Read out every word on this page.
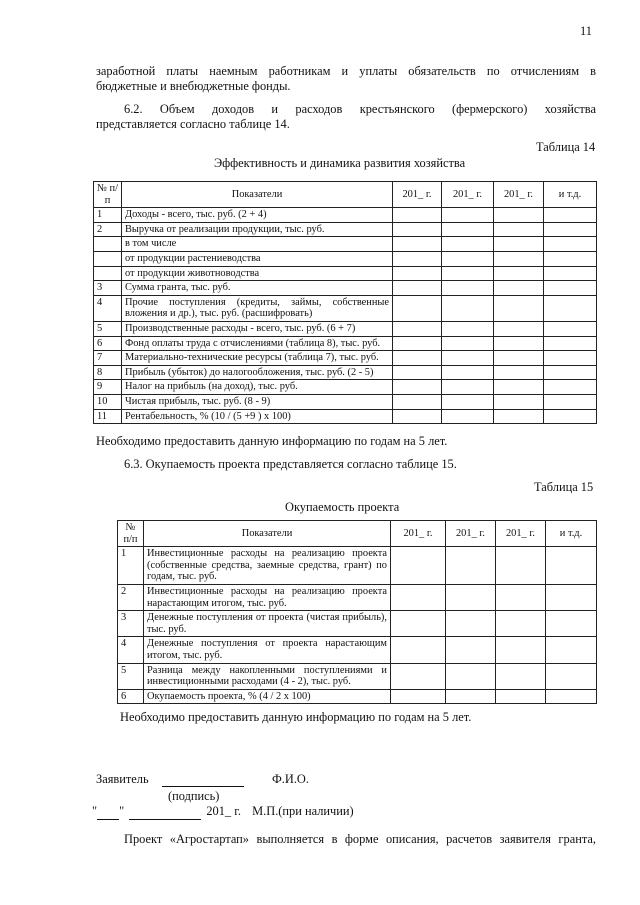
11
заработной платы наемным работникам и уплаты обязательств по отчислениям в
бюджетные и внебюджетные фонды.
6.2. Объем доходов и расходов крестьянского (фермерского) хозяйства
представляется согласно таблице 14.
Таблица 14
Эффективность и динамика развития хозяйства
№ п/п	Показатели	201_ г.	201_ г.	201_ г.	и т.д.
1	Доходы - всего, тыс. руб. (2 + 4)				
2	Выручка от реализации продукции, тыс. руб.				
	в том числе				
	от продукции растениеводства				
	от продукции животноводства				
3	Сумма гранта, тыс. руб.				
4	Прочие поступления (кредиты, займы, собственные вложения и др.), тыс. руб. (расшифровать)				
5	Производственные расходы - всего, тыс. руб. (6 + 7)				
6	Фонд оплаты труда с отчислениями (таблица 8), тыс. руб.				
7	Материально-технические ресурсы (таблица 7), тыс. руб.				
8	Прибыль (убыток) до налогообложения, тыс. руб. (2 - 5)				
9	Налог на прибыль (на доход), тыс. руб.				
10	Чистая прибыль, тыс. руб. (8 - 9)				
11	Рентабельность, % (10 / (5 +9 ) х 100)				
Необходимо предоставить данную информацию по годам на 5 лет.
6.3. Окупаемость проекта представляется согласно таблице 15.
Таблица 15
Окупаемость проекта
№ п/п	Показатели	201_ г.	201_ г.	201_ г.	и т.д.
1	Инвестиционные расходы на реализацию проекта (собственные средства, заемные средства, грант) по годам, тыс. руб.				
2	Инвестиционные расходы на реализацию проекта нарастающим итогом, тыс. руб.				
3	Денежные поступления от проекта (чистая прибыль), тыс. руб.				
4	Денежные поступления от проекта нарастающим итогом, тыс. руб.				
5	Разница между накопленными поступлениями и инвестиционными расходами (4 - 2), тыс. руб.				
6	Окупаемость проекта, % (4 / 2 х 100)				
Необходимо предоставить данную информацию по годам на 5 лет.
Заявитель	Ф.И.О.
(подпись)
" "	201_ г. М.П.(при наличии)
Проект «Агростартап» выполняется в форме описания, расчетов заявителя гранта,
